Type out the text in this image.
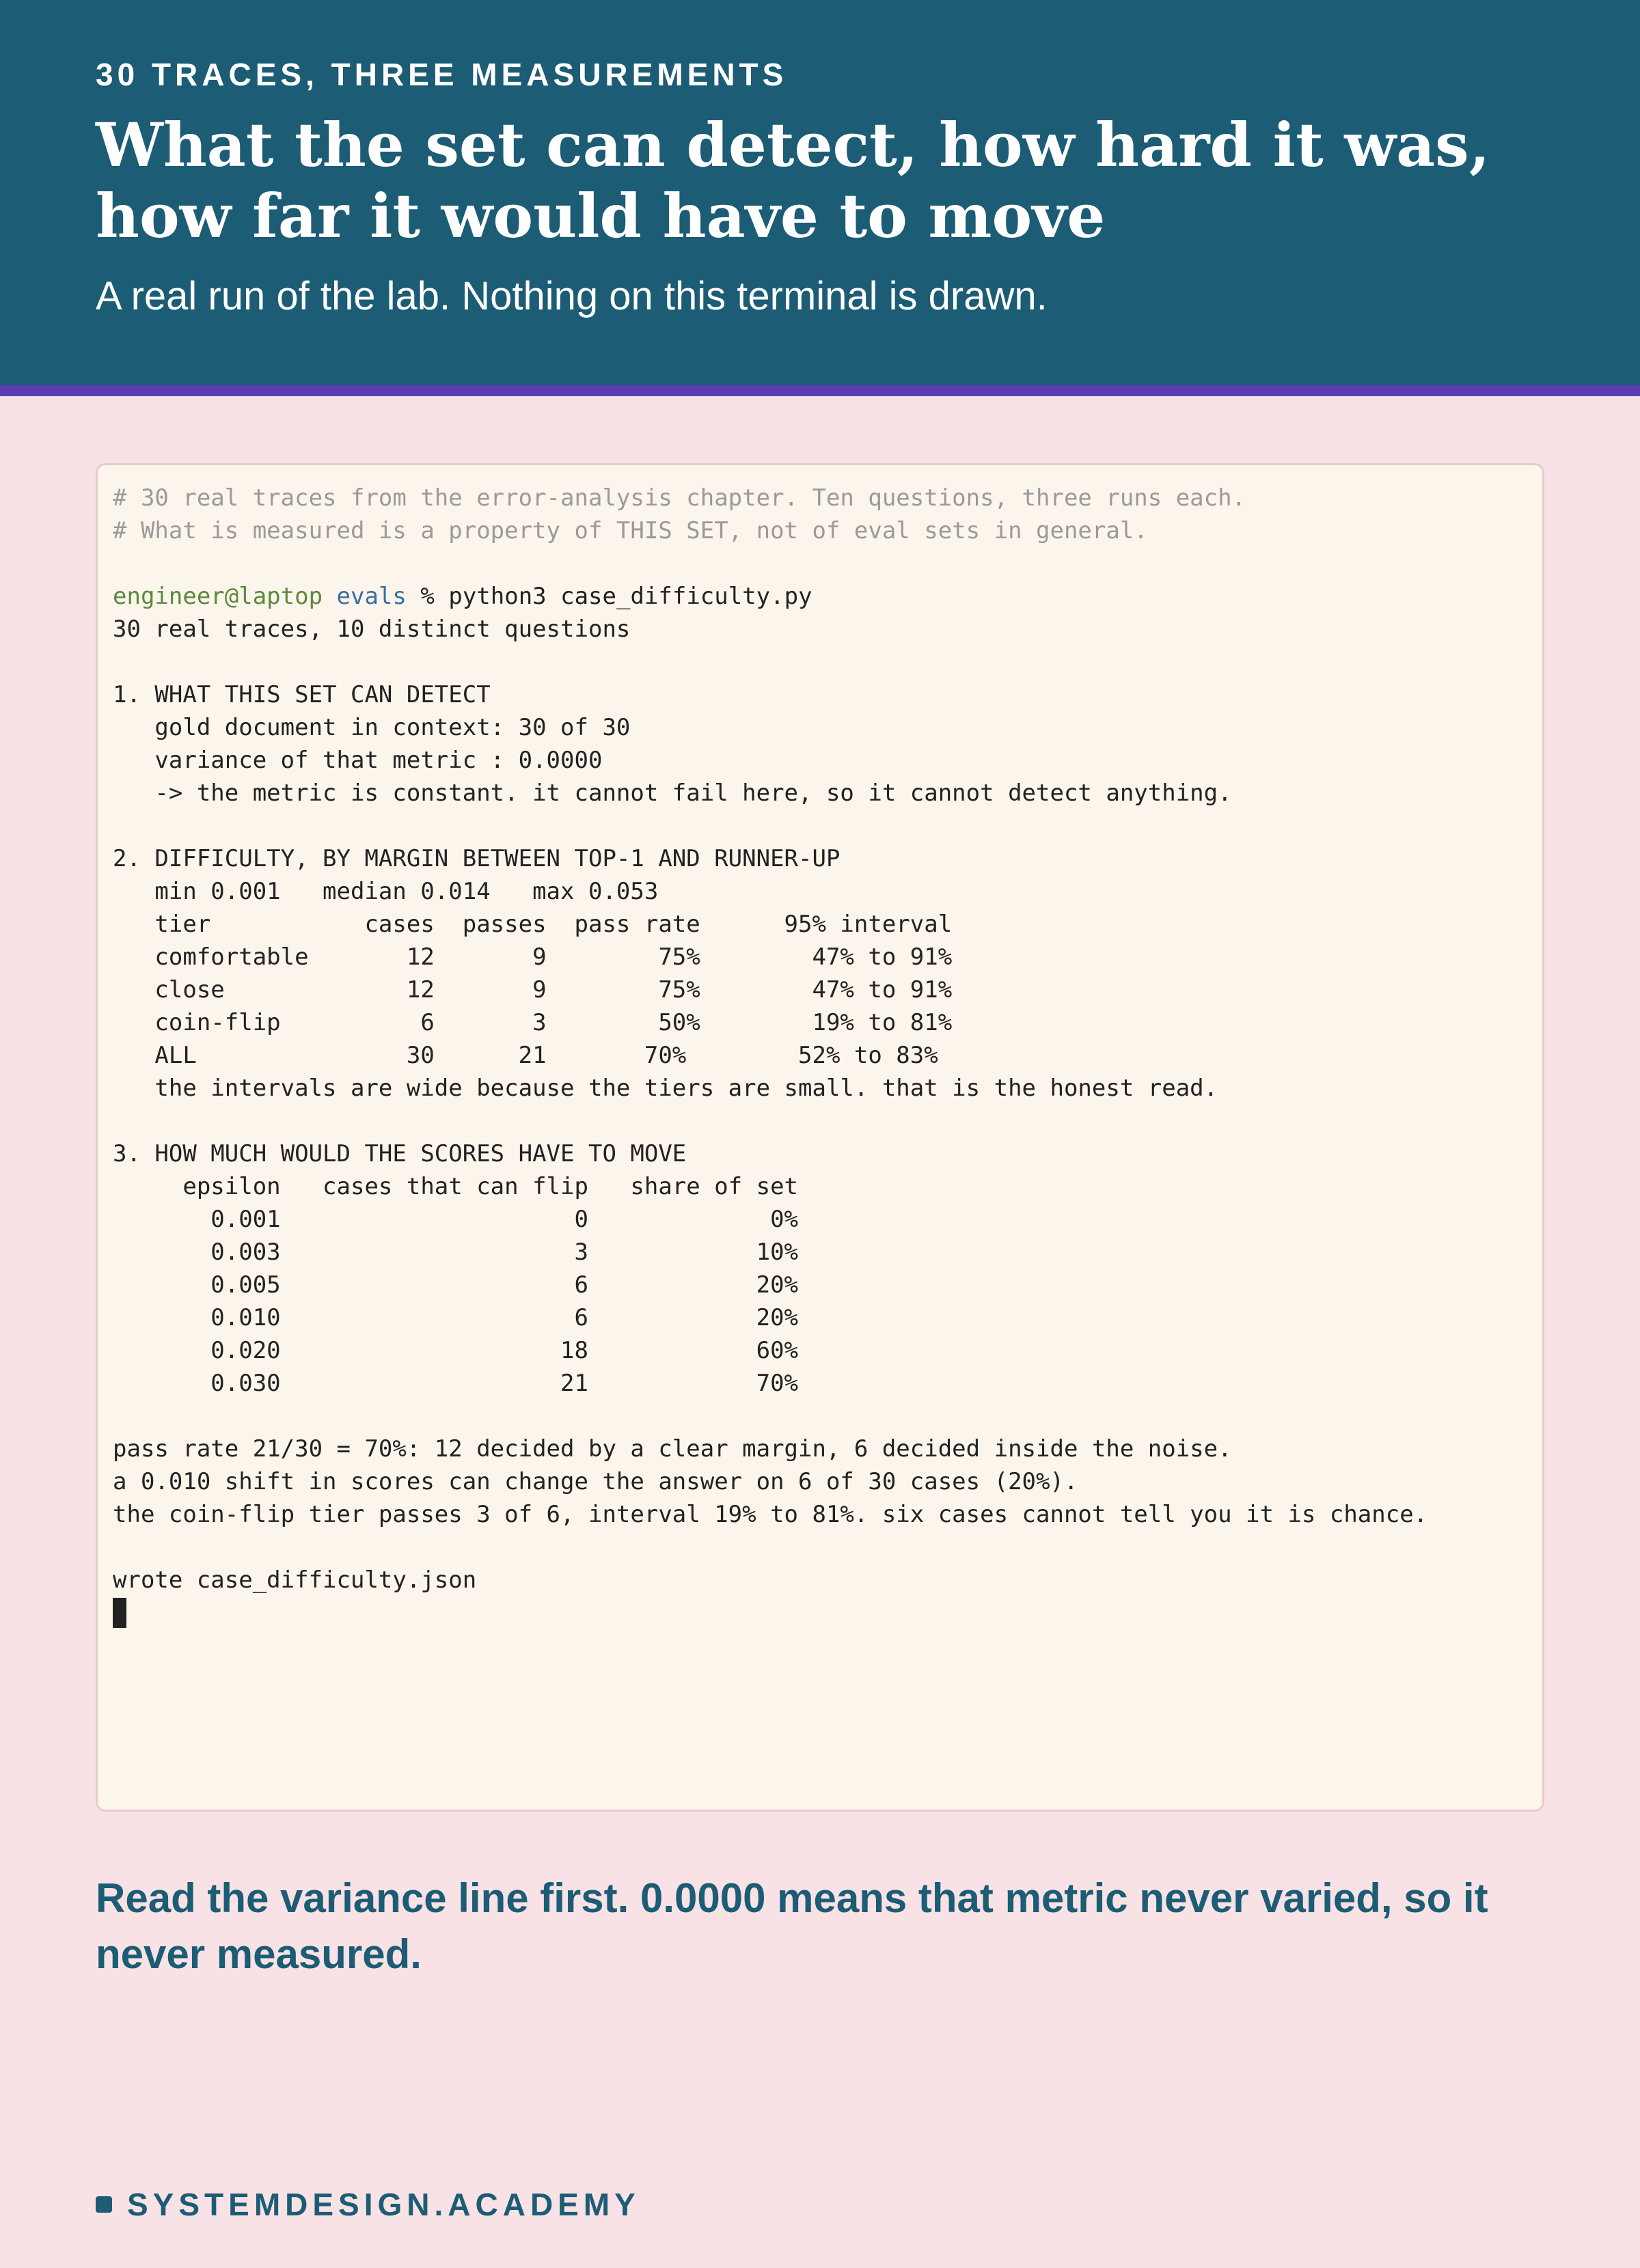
30 TRACES, THREE MEASUREMENTS
What the set can detect, how hard it was, how far it would have to move
A real run of the lab. Nothing on this terminal is drawn.
# 30 real traces from the error-analysis chapter. Ten questions, three runs each.
# What is measured is a property of THIS SET, not of eval sets in general.
engineer@laptop evals % python3 case_difficulty.py
30 real traces, 10 distinct questions
1. WHAT THIS SET CAN DETECT
gold document in context: 30 of 30
variance of that metric : 0.0000
-> the metric is constant. it cannot fail here, so it cannot detect anything.
2. DIFFICULTY, BY MARGIN BETWEEN TOP-1 AND RUNNER-UP
min 0.001   median 0.014   max 0.053
tier           cases  passes  pass rate      95% interval
comfortable       12       9        75%        47% to 91%
close             12       9        75%        47% to 91%
coin-flip          6       3        50%        19% to 81%
ALL               30      21       70%        52% to 83%
the intervals are wide because the tiers are small. that is the honest read.
3. HOW MUCH WOULD THE SCORES HAVE TO MOVE
epsilon   cases that can flip   share of set
0.001                     0             0%
0.003                     3            10%
0.005                     6            20%
0.010                     6            20%
0.020                    18            60%
0.030                    21            70%
pass rate 21/30 = 70%: 12 decided by a clear margin, 6 decided inside the noise.
a 0.010 shift in scores can change the answer on 6 of 30 cases (20%).
the coin-flip tier passes 3 of 6, interval 19% to 81%. six cases cannot tell you it is chance.
wrote case_difficulty.json

Read the variance line first. 0.0000 means that metric never varied, so it never measured.

SYSTEMDESIGN.ACADEMY
